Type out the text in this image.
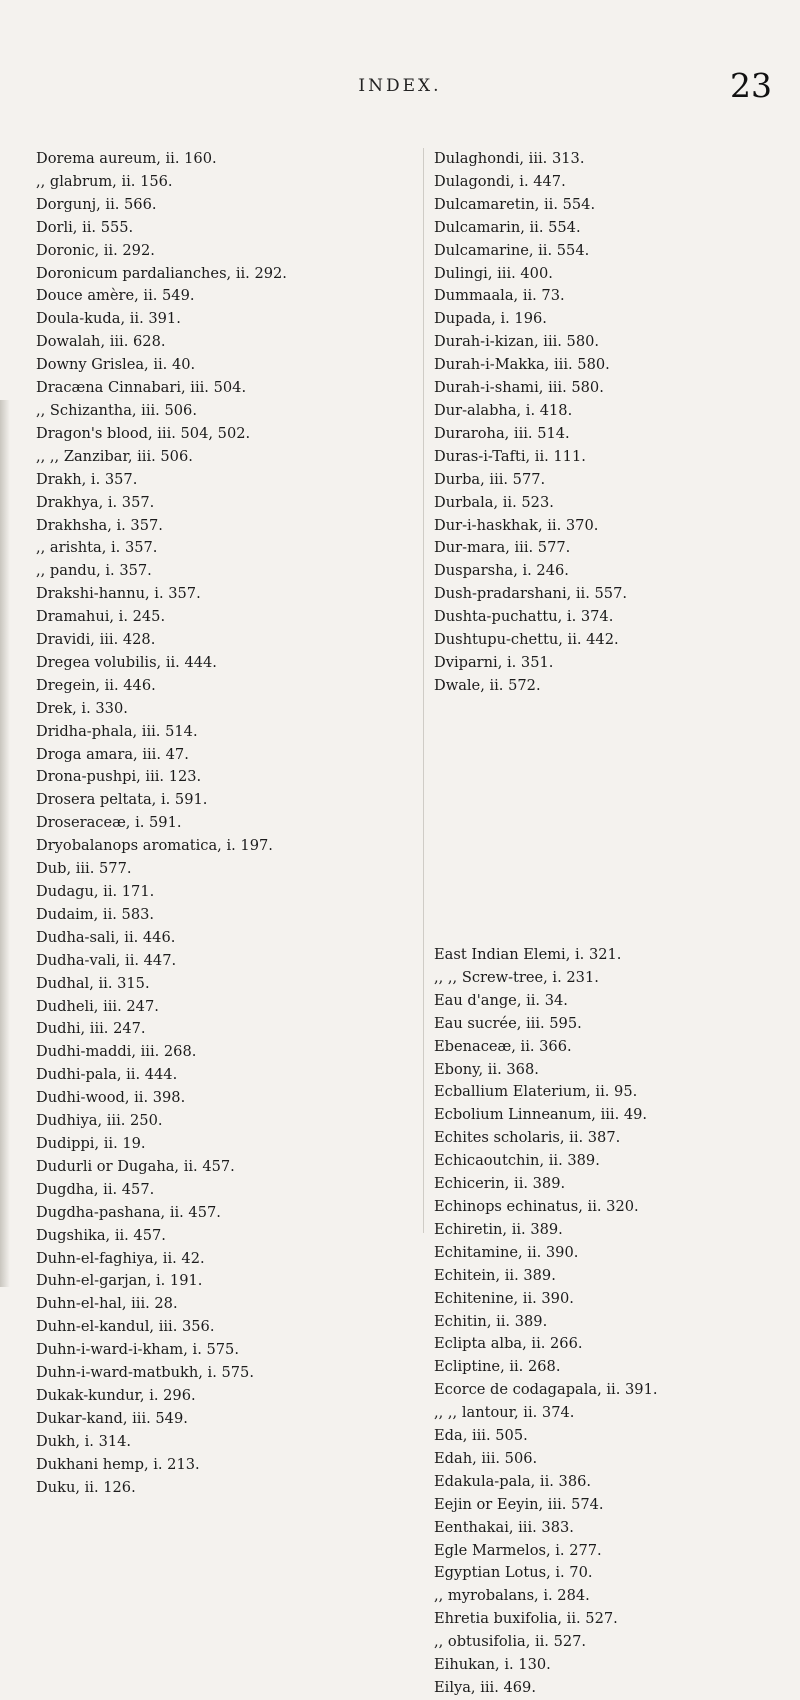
INDEX.	23
Dorema aureum, ii. 160.
,, glabrum, ii. 156.
Dorgunj, ii. 566.
Dorli, ii. 555.
Doronic, ii. 292.
Doronicum pardalianches, ii. 292.
Douce amère, ii. 549.
Doula-kuda, ii. 391.
Dowalah, iii. 628.
Downy Grislea, ii. 40.
Dracæna Cinnabari, iii. 504.
,, Schizantha, iii. 506.
Dragon's blood, iii. 504, 502.
,, ,, Zanzibar, iii. 506.
Drakh, i. 357.
Drakhya, i. 357.
Drakhsha, i. 357.
,, arishta, i. 357.
,, pandu, i. 357.
Drakshi-hannu, i. 357.
Dramahui, i. 245.
Dravidi, iii. 428.
Dregea volubilis, ii. 444.
Dregein, ii. 446.
Drek, i. 330.
Dridha-phala, iii. 514.
Droga amara, iii. 47.
Drona-pushpi, iii. 123.
Drosera peltata, i. 591.
Droseraceæ, i. 591.
Dryobalanops aromatica, i. 197.
Dub, iii. 577.
Dudagu, ii. 171.
Dudaim, ii. 583.
Dudha-sali, ii. 446.
Dudha-vali, ii. 447.
Dudhal, ii. 315.
Dudheli, iii. 247.
Dudhi, iii. 247.
Dudhi-maddi, iii. 268.
Dudhi-pala, ii. 444.
Dudhi-wood, ii. 398.
Dudhiya, iii. 250.
Dudippi, ii. 19.
Dudurli or Dugaha, ii. 457.
Dugdha, ii. 457.
Dugdha-pashana, ii. 457.
Dugshika, ii. 457.
Duhn-el-faghiya, ii. 42.
Duhn-el-garjan, i. 191.
Duhn-el-hal, iii. 28.
Duhn-el-kandul, iii. 356.
Duhn-i-ward-i-kham, i. 575.
Duhn-i-ward-matbukh, i. 575.
Dukak-kundur, i. 296.
Dukar-kand, iii. 549.
Dukh, i. 314.
Dukhani hemp, i. 213.
Duku, ii. 126.
Dulaghondi, iii. 313.
Dulagondi, i. 447.
Dulcamaretin, ii. 554.
Dulcamarin, ii. 554.
Dulcamarine, ii. 554.
Dulingi, iii. 400.
Dummaala, ii. 73.
Dupada, i. 196.
Durah-i-kizan, iii. 580.
Durah-i-Makka, iii. 580.
Durah-i-shami, iii. 580.
Dur-alabha, i. 418.
Duraroha, iii. 514.
Duras-i-Tafti, ii. 111.
Durba, iii. 577.
Durbala, ii. 523.
Dur-i-haskhak, ii. 370.
Dur-mara, iii. 577.
Dusparsha, i. 246.
Dush-pradarshani, ii. 557.
Dushta-puchattu, i. 374.
Dushtupu-chettu, ii. 442.
Dviparni, i. 351.
Dwale, ii. 572.
East Indian Elemi, i. 321.
,, ,, Screw-tree, i. 231.
Eau d'ange, ii. 34.
Eau sucrée, iii. 595.
Ebenaceæ, ii. 366.
Ebony, ii. 368.
Ecballium Elaterium, ii. 95.
Ecbolium Linneanum, iii. 49.
Echites scholaris, ii. 387.
Echicaoutchin, ii. 389.
Echicerin, ii. 389.
Echinops echinatus, ii. 320.
Echiretin, ii. 389.
Echitamine, ii. 390.
Echitein, ii. 389.
Echitenine, ii. 390.
Echitin, ii. 389.
Eclipta alba, ii. 266.
Ecliptine, ii. 268.
Ecorce de codagapala, ii. 391.
,, ,, lantour, ii. 374.
Eda, iii. 505.
Edah, iii. 506.
Edakula-pala, ii. 386.
Eejin or Eeyin, iii. 574.
Eenthakai, iii. 383.
Egle Marmelos, i. 277.
Egyptian Lotus, i. 70.
,, myrobalans, i. 284.
Ehretia buxifolia, ii. 527.
,, obtusifolia, ii. 527.
Eihukan, i. 130.
Eilya, iii. 469.
